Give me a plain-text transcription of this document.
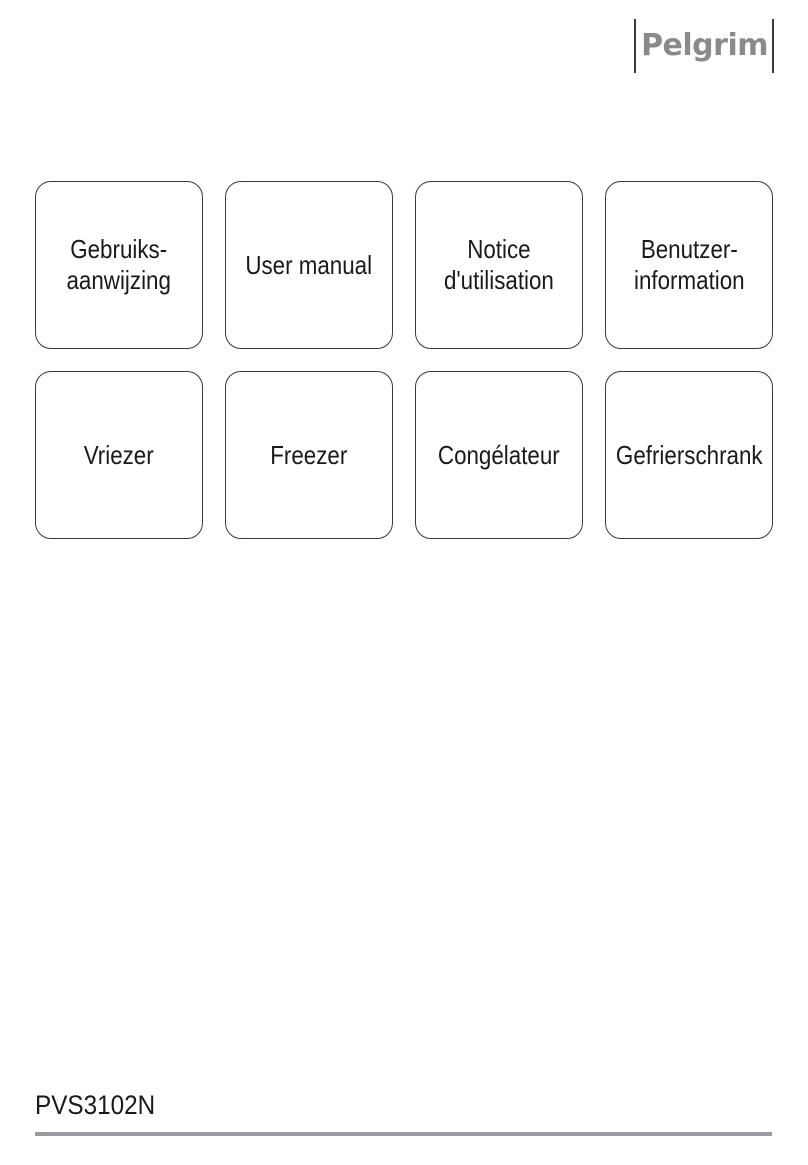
Pelgrim
Gebruiks-
aanwijzing
User manual
Notice
d'utilisation
Benutzer-
information
Vriezer	Freezer	Congélateur Gefrierschrank
PVS3102N
